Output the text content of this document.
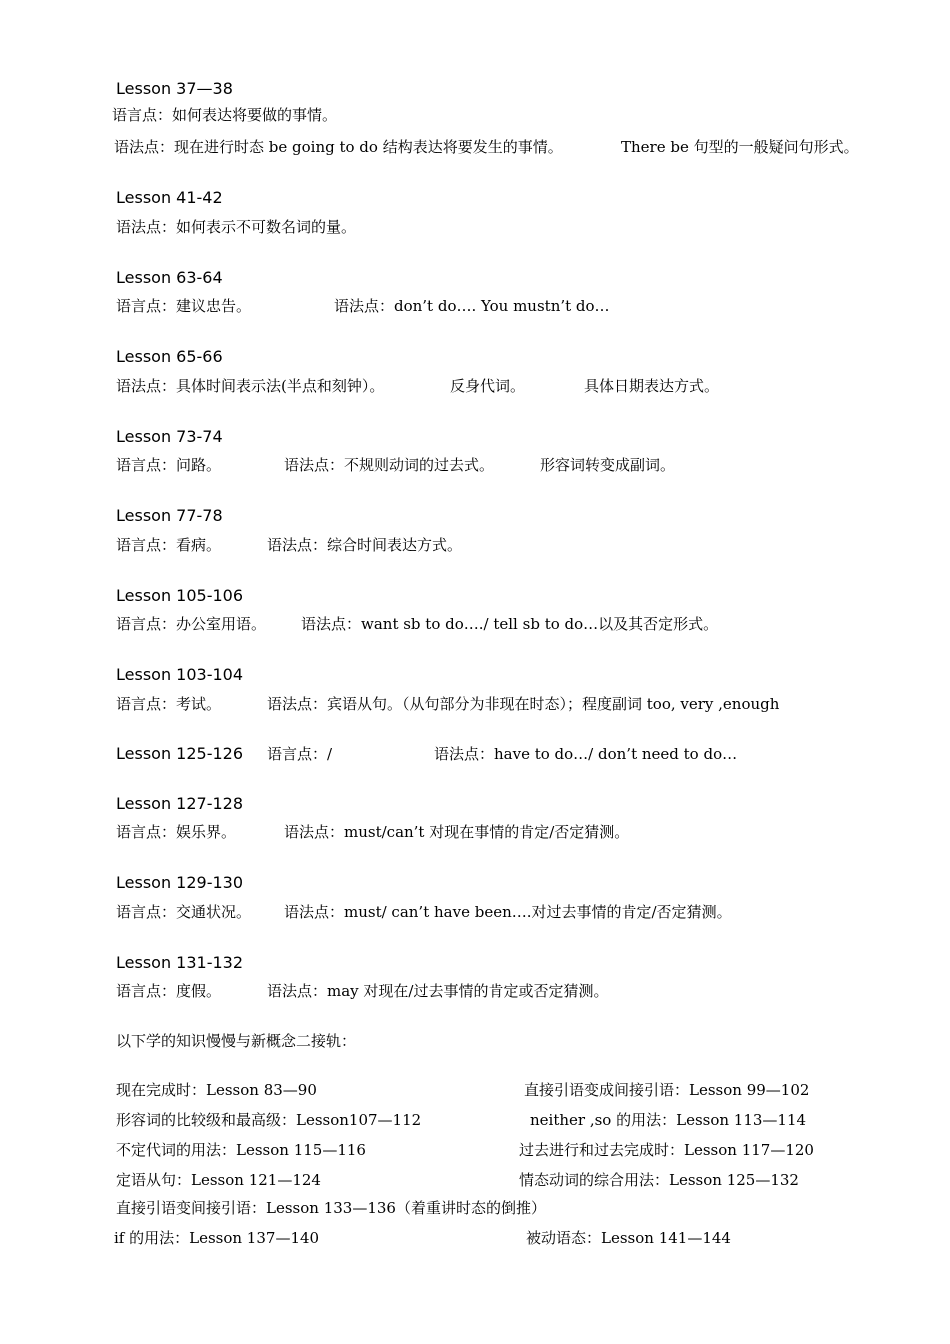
Lesson 37—38
语言点：如何表达将要做的事情。
语法点：现在进行时态 be going to do 结构表达将要发生的事情。	There be 句型的一般疑问句形式。
Lesson 41-42
语法点：如何表示不可数名词的量。
Lesson 63-64
语言点：建议忠告。	语法点：don’t do…. You mustn’t do…
Lesson 65-66
语法点：具体时间表示法(半点和刻钟）。	反身代词。	具体日期表达方式。
Lesson 73-74
语言点：问路。	语法点：不规则动词的过去式。	形容词转变成副词。
Lesson 77-78
语言点：看病。	语法点：综合时间表达方式。
Lesson 105-106
语言点：办公室用语。 语法点：want sb to do…./ tell sb to do…以及其否定形式。
Lesson 103-104
语言点：考试。	语法点：宾语从句。（从句部分为非现在时态）；程度副词 too, very ,enough
Lesson 125-126 语言点：/	语法点：have to do…/ don’t need to do…
Lesson 127-128
语言点：娱乐界。	语法点：must/can’t 对现在事情的肯定/否定猜测。
Lesson 129-130
语言点：交通状况。 语法点：must/ can’t have been….对过去事情的肯定/否定猜测。
Lesson 131-132
语言点：度假。	语法点：may 对现在/过去事情的肯定或否定猜测。
以下学的知识慢慢与新概念二接轨：
现在完成时：Lesson 83—90	直接引语变成间接引语：Lesson 99—102
形容词的比较级和最高级：Lesson107—112	neither ,so 的用法：Lesson 113—114
不定代词的用法：Lesson 115—116	过去进行和过去完成时：Lesson 117—120
定语从句：Lesson 121—124	情态动词的综合用法：Lesson 125—132
直接引语变间接引语：Lesson 133—136（着重讲时态的倒推）
if 的用法：Lesson 137—140	被动语态：Lesson 141—144
